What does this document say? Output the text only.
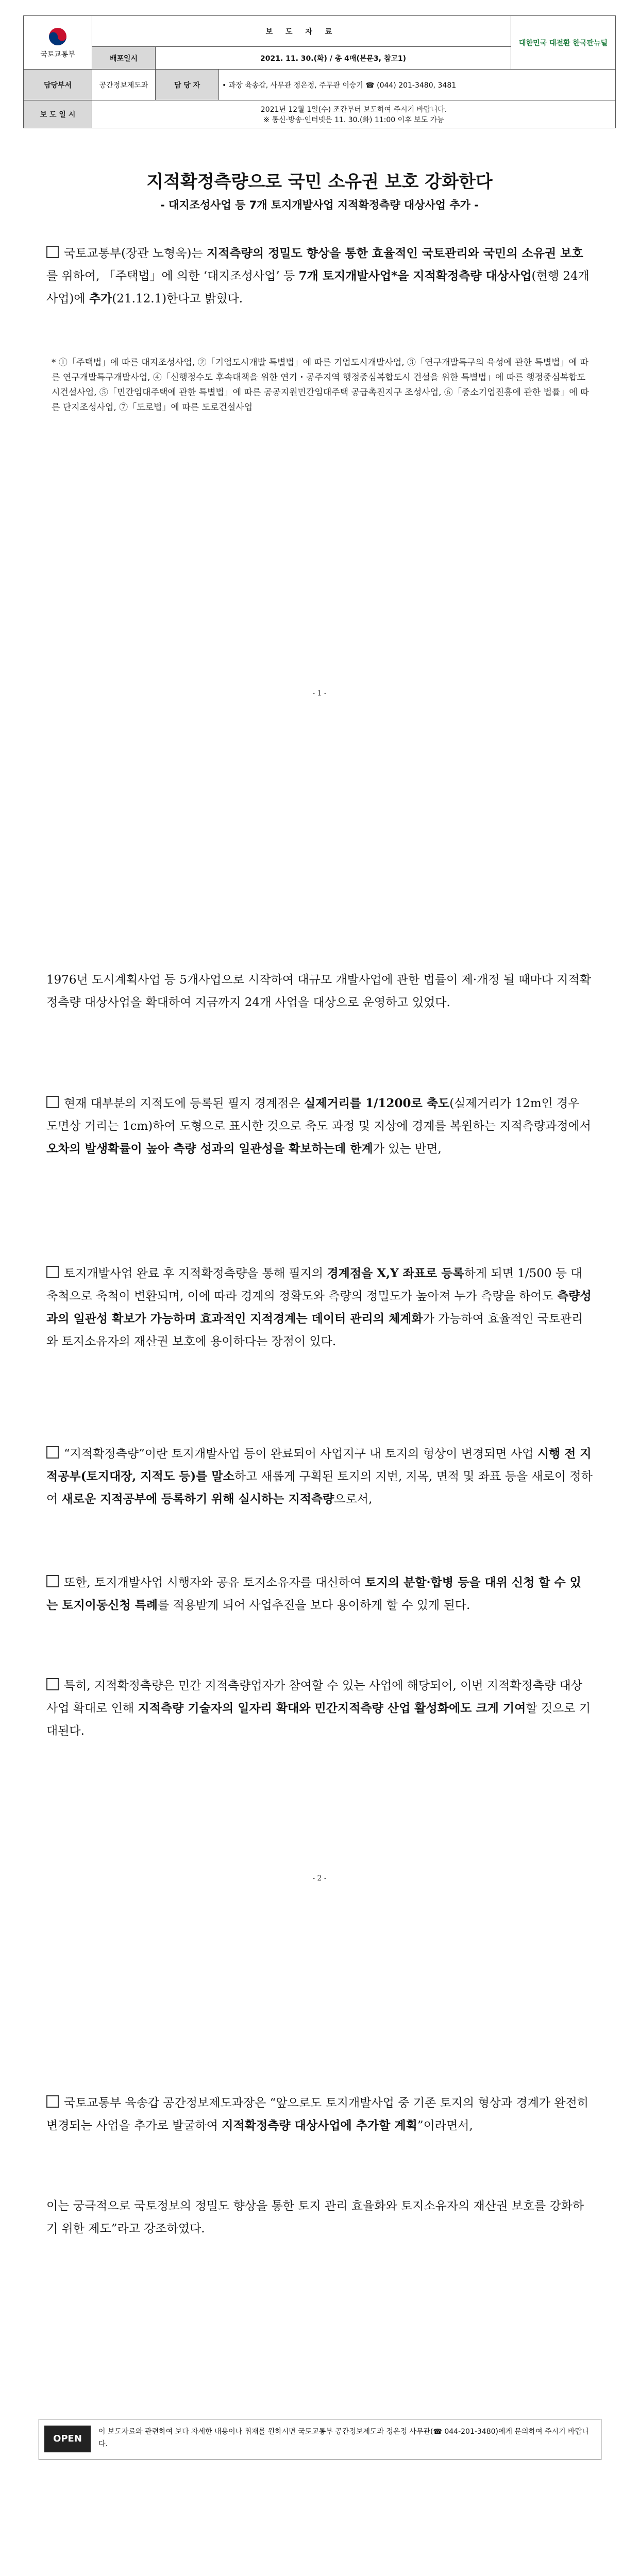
국토교통부	보 도 자 료			대한민국 대전환 한국판뉴딜
	배포일시	2021. 11. 30.(화) / 총 4매(본문3, 참고1)		
담당부서	공간정보제도과	담 당 자	• 과장 육송갑, 사무관 정은정, 주무관 이승기 ☎ (044) 201-3480, 3481	
보 도 일 시	2021년 12월 1일(수) 조간부터 보도하여 주시기 바랍니다.
※ 통신‧방송‧인터넷은 11. 30.(화) 11:00 이후 보도 가능			
지적확정측량으로 국민 소유권 보호 강화한다
- 대지조성사업 등 7개 토지개발사업 지적확정측량 대상사업 추가 -
국토교통부(장관 노형욱)는 지적측량의 정밀도 향상을 통한 효율적인 국토관리와 국민의 소유권 보호를 위하여, 「주택법」에 의한 ‘대지조성사업’ 등 7개 토지개발사업*을 지적확정측량 대상사업(현행 24개 사업)에 추가(21.12.1)한다고 밝혔다.
* ①「주택법」에 따른 대지조성사업, ②「기업도시개발 특별법」에 따른 기업도시개발사업, ③「연구개발특구의 육성에 관한 특별법」에 따른 연구개발특구개발사업, ④「신행정수도 후속대책을 위한 연기・공주지역 행정중심복합도시 건설을 위한 특별법」에 따른 행정중심복합도시건설사업, ⑤「민간임대주택에 관한 특별법」에 따른 공공지원민간임대주택 공급촉진지구 조성사업, ⑥「중소기업진흥에 관한 법률」에 따른 단지조성사업, ⑦「도로법」에 따른 도로건설사업
- 1 -
1976년 도시계획사업 등 5개사업으로 시작하여 대규모 개발사업에 관한 법률이 제·개정 될 때마다 지적확정측량 대상사업을 확대하여 지금까지 24개 사업을 대상으로 운영하고 있었다.
현재 대부분의 지적도에 등록된 필지 경계점은 실제거리를 1/1200로 축도(실제거리가 12m인 경우 도면상 거리는 1cm)하여 도형으로 표시한 것으로 축도 과정 및 지상에 경계를 복원하는 지적측량과정에서 오차의 발생확률이 높아 측량 성과의 일관성을 확보하는데 한계가 있는 반면,
토지개발사업 완료 후 지적확정측량을 통해 필지의 경계점을 X,Y 좌표로 등록하게 되면 1/500 등 대축척으로 축척이 변환되며, 이에 따라 경계의 정확도와 측량의 정밀도가 높아져 누가 측량을 하여도 측량성과의 일관성 확보가 가능하며 효과적인 지적경계는 데이터 관리의 체계화가 가능하여 효율적인 국토관리와 토지소유자의 재산권 보호에 용이하다는 장점이 있다.
“지적확정측량”이란 토지개발사업 등이 완료되어 사업지구 내 토지의 형상이 변경되면 사업 시행 전 지적공부(토지대장, 지적도 등)를 말소하고 새롭게 구획된 토지의 지번, 지목, 면적 및 좌표 등을 새로이 정하여 새로운 지적공부에 등록하기 위해 실시하는 지적측량으로서,
또한, 토지개발사업 시행자와 공유 토지소유자를 대신하여 토지의 분할·합병 등을 대위 신청 할 수 있는 토지이동신청 특례를 적용받게 되어 사업추진을 보다 용이하게 할 수 있게 된다.
특히, 지적확정측량은 민간 지적측량업자가 참여할 수 있는 사업에 해당되어, 이번 지적확정측량 대상사업 확대로 인해 지적측량 기술자의 일자리 확대와 민간지적측량 산업 활성화에도 크게 기여할 것으로 기대된다.
- 2 -
국토교통부 육송갑 공간정보제도과장은 “앞으로도 토지개발사업 중 기존 토지의 형상과 경계가 완전히 변경되는 사업을 추가로 발굴하여 지적확정측량 대상사업에 추가할 계획”이라면서,
이는 궁극적으로 국토정보의 정밀도 향상을 통한 토지 관리 효율화와 토지소유자의 재산권 보호를 강화하기 위한 제도”라고 강조하였다.
OPEN
이 보도자료와 관련하여 보다 자세한 내용이나 취재를 원하시면 국토교통부 공간정보제도과 정은정 사무관(☎ 044-201-3480)에게 문의하여 주시기 바랍니다.
